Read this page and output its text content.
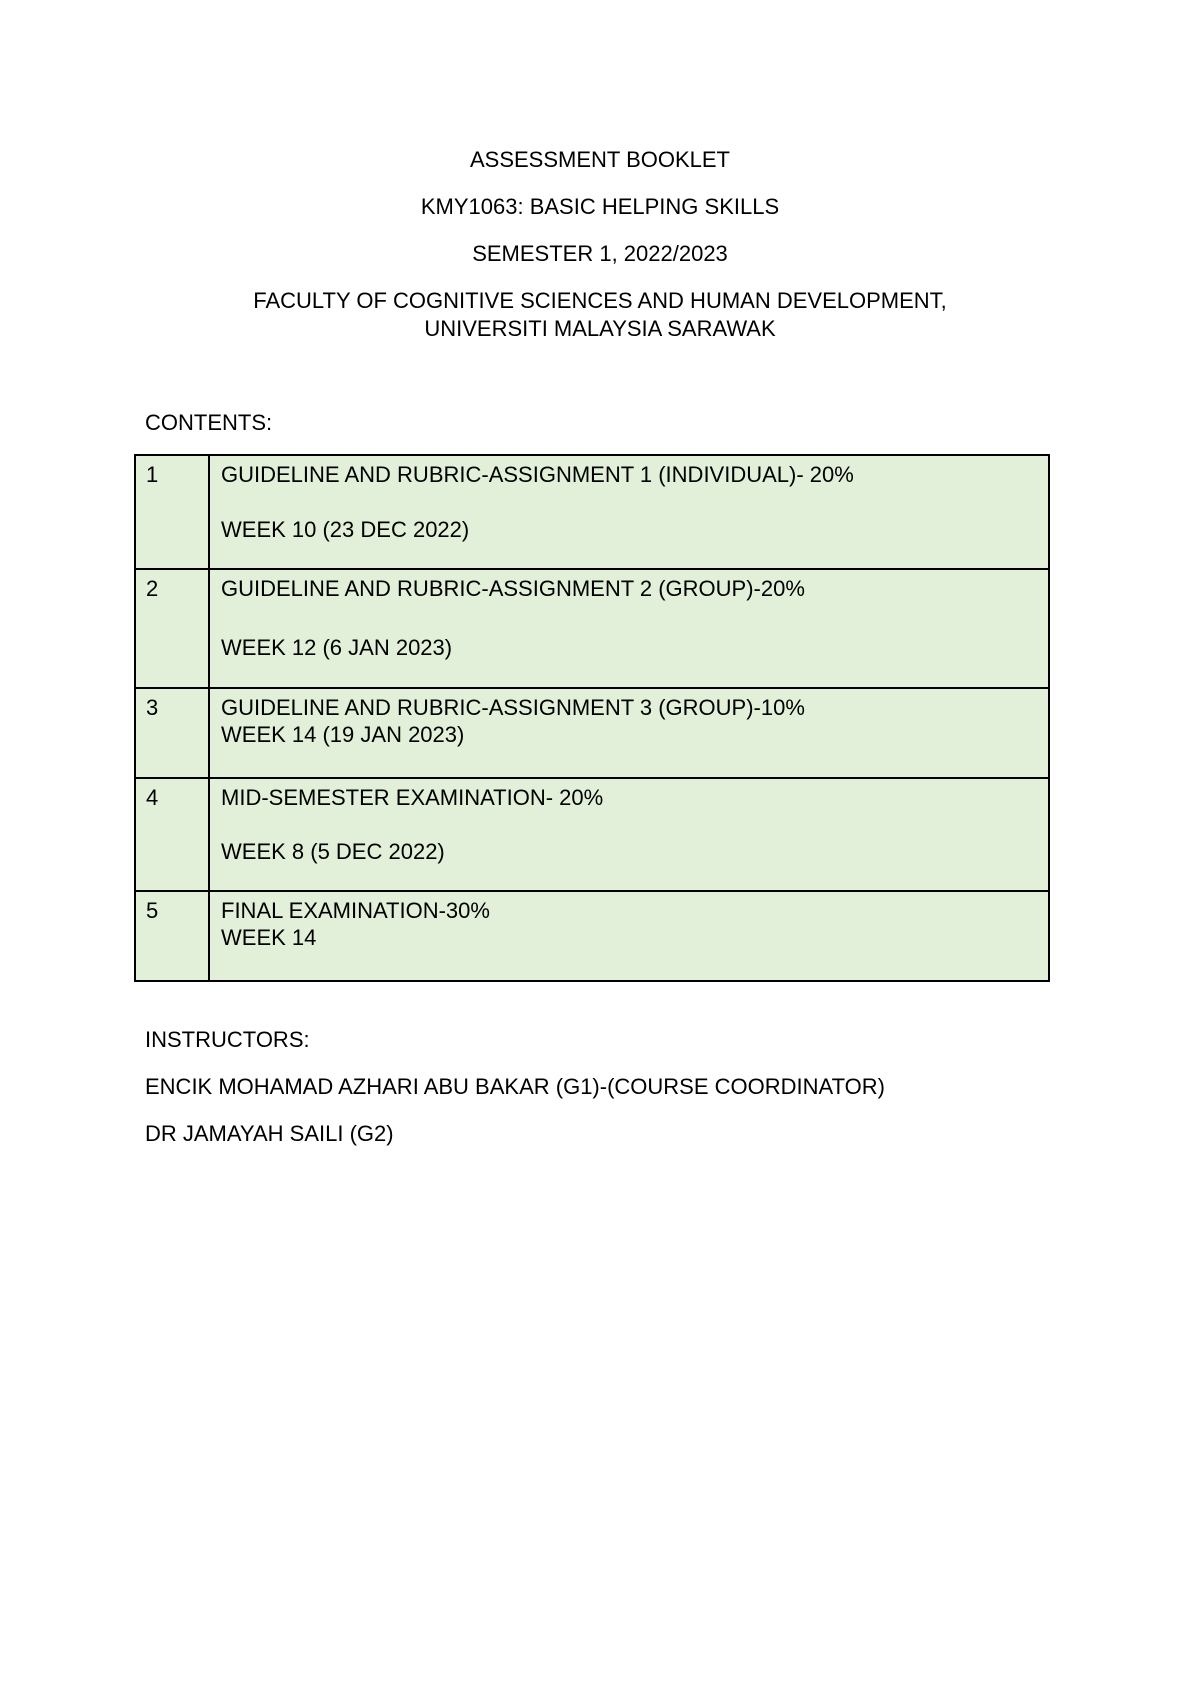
ASSESSMENT BOOKLET

KMY1063: BASIC HELPING SKILLS

SEMESTER 1, 2022/2023

FACULTY OF COGNITIVE SCIENCES AND HUMAN DEVELOPMENT,
UNIVERSITI MALAYSIA SARAWAK

CONTENTS:
1	GUIDELINE AND RUBRIC-ASSIGNMENT 1 (INDIVIDUAL)- 20%
WEEK 10 (23 DEC 2022)

2	GUIDELINE AND RUBRIC-ASSIGNMENT 2 (GROUP)-20%
WEEK 12 (6 JAN 2023)

3	GUIDELINE AND RUBRIC-ASSIGNMENT 3 (GROUP)-10%
WEEK 14 (19 JAN 2023)

4	MID-SEMESTER EXAMINATION- 20%
WEEK 8 (5 DEC 2022)

5	FINAL EXAMINATION-30%
WEEK 14

INSTRUCTORS:

ENCIK MOHAMAD AZHARI ABU BAKAR (G1)-(COURSE COORDINATOR)

DR JAMAYAH SAILI (G2)
